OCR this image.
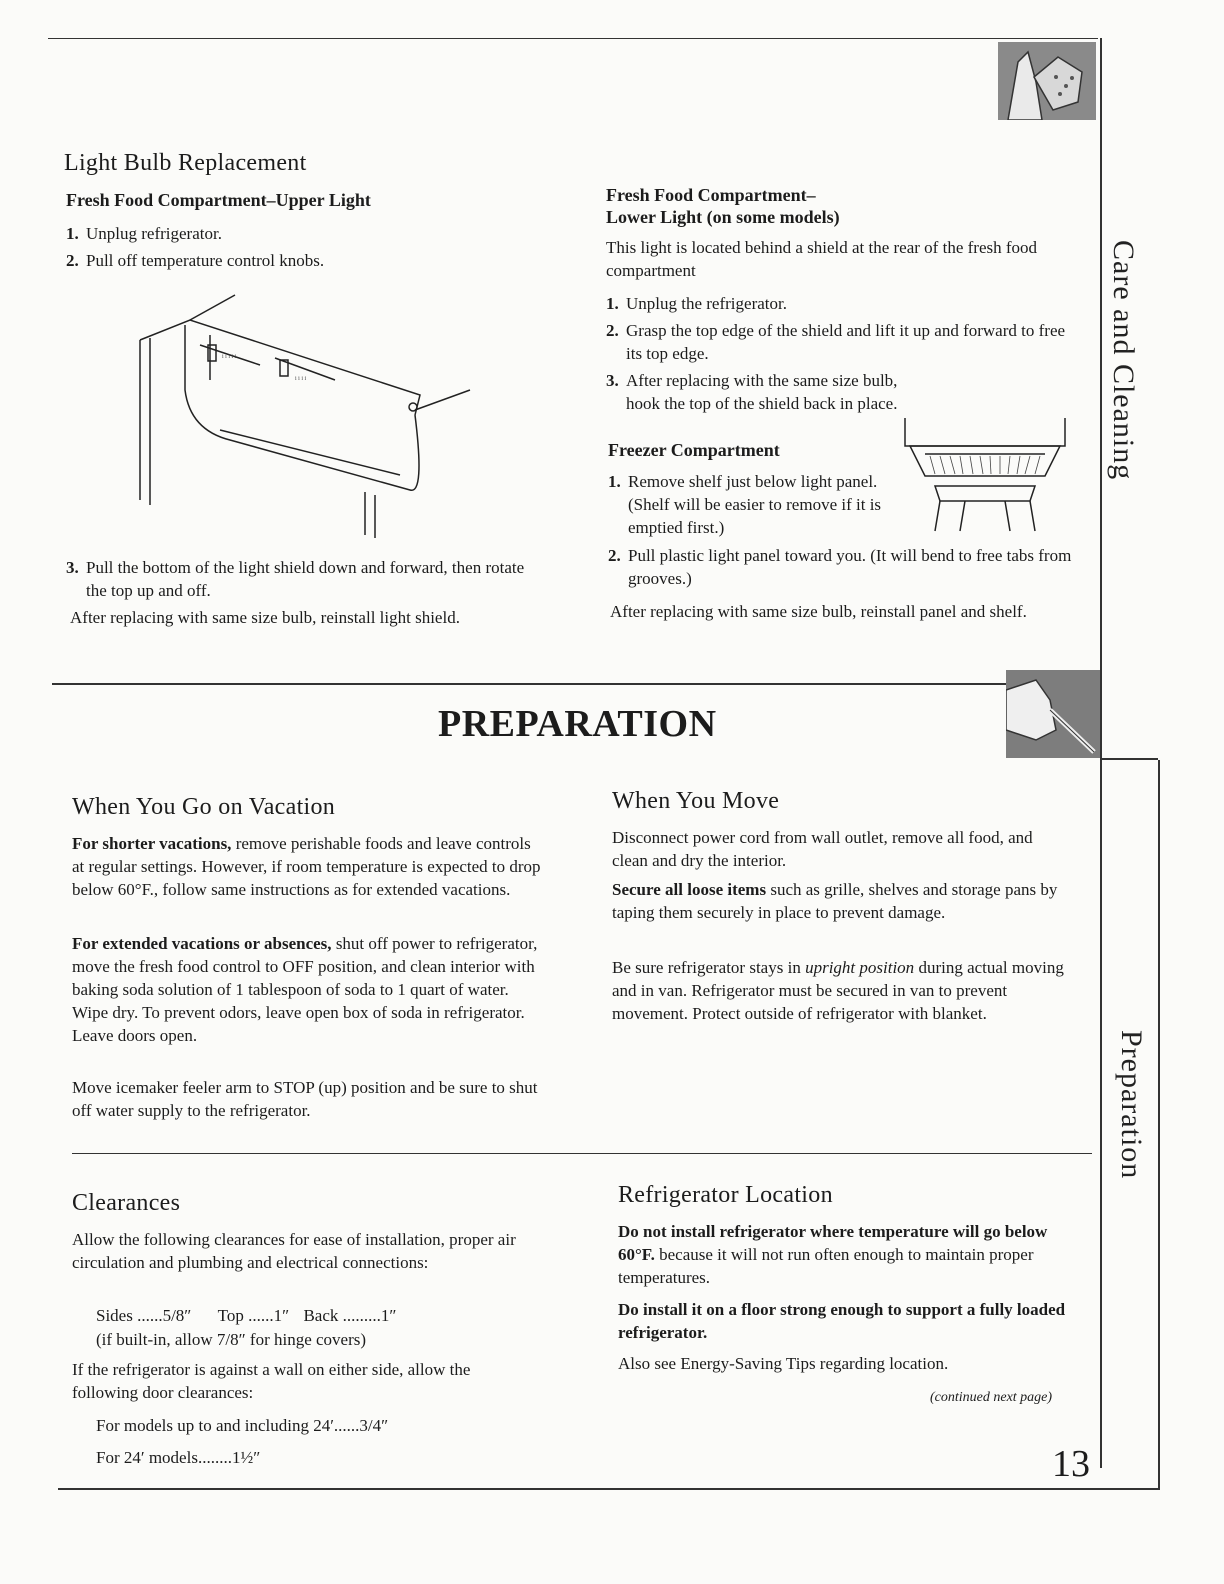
Care and Cleaning
Preparation
Light Bulb Replacement
Fresh Food Compartment–Upper Light
1. Unplug refrigerator.
2. Pull off temperature control knobs.
i i i i i
i i i i
3. Pull the bottom of the light shield down and forward, then rotate the top up and off.
After replacing with same size bulb, reinstall light shield.
Fresh Food Compartment–
Lower Light (on some models)
This light is located behind a shield at the rear of the fresh food compartment
1. Unplug the refrigerator.
2. Grasp the top edge of the shield and lift it up and forward to free its top edge.
3. After replacing with the same size bulb, hook the top of the shield back in place.
Freezer Compartment
1. Remove shelf just below light panel. (Shelf will be easier to remove if it is emptied first.)
2. Pull plastic light panel toward you. (It will bend to free tabs from grooves.)
After replacing with same size bulb, reinstall panel and shelf.
PREPARATION
When You Go on Vacation
For shorter vacations, remove perishable foods and leave controls at regular settings. However, if room temperature is expected to drop below 60°F., follow same instructions as for extended vacations.
For extended vacations or absences, shut off power to refrigerator, move the fresh food control to OFF position, and clean interior with baking soda solution of 1 tablespoon of soda to 1 quart of water. Wipe dry. To prevent odors, leave open box of soda in refrigerator. Leave doors open.
Move icemaker feeler arm to STOP (up) position and be sure to shut off water supply to the refrigerator.
When You Move
Disconnect power cord from wall outlet, remove all food, and clean and dry the interior.
Secure all loose items such as grille, shelves and storage pans by taping them securely in place to prevent damage.
Be sure refrigerator stays in upright position during actual moving and in van. Refrigerator must be secured in van to prevent movement. Protect outside of refrigerator with blanket.
Clearances
Allow the following clearances for ease of installation, proper air circulation and plumbing and electrical connections:
Sides ......5/8″ Top ......1″ Back .........1″
(if built-in, allow 7/8″ for hinge covers)
If the refrigerator is against a wall on either side, allow the following door clearances:
For models up to and including 24′......3/4″
For 24′ models........1½″
Refrigerator Location
Do not install refrigerator where temperature will go below 60°F. because it will not run often enough to maintain proper temperatures.
Do install it on a floor strong enough to support a fully loaded refrigerator.
Also see Energy-Saving Tips regarding location.
(continued next page)
13
